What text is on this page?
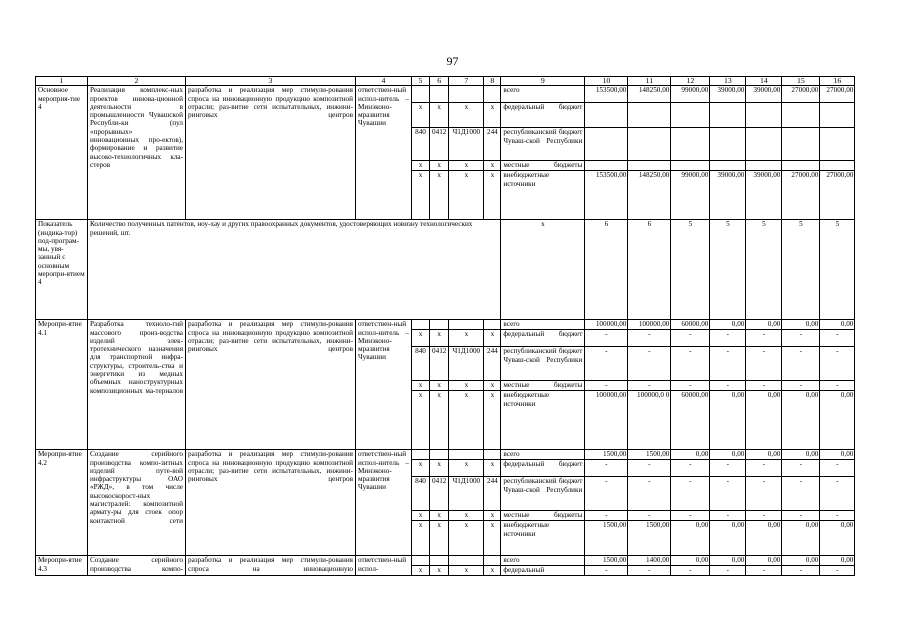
97
1	2	3	4	5	6	7	8	9	10	11	12	13	14	15	16
Основное мероприя-тие 4	Реализация комплекс-ных проектов иннова-ционной деятельности в промышленности Чувашской Республи-ки (пул «прорывных» инновационных про-ектов), формирование и развитие высоко-технологичных кла-стеров	разработка и реализация мер стимули-рования спроса на инновационную продукцию композитной отрасли; раз-витие сети испытательных, инжини-ринговых центров	ответствен-ный испол-нитель – Минэконо-мразвития Чувашии					всего	153500,00	148250,00	99000,00	39000,00	39000,00	27000,00	27000,00
				x	x	x	x	федеральный бюджет							
				840	0412	Ч1Д1000	244	республиканский бюджет Чуваш-ской Республики							
				x	x	x	x	местные бюджеты							
				x	x	x	x	внебюджетные источники	153500,00	148250,00	99000,00	39000,00	39000,00	27000,00	27000,00
Показатель (индика-тор) под-програм-мы, увя-занный с основным меропри-ятием 4	Количество полученных патентов, ноу-хау и других правоохранных документов, удостоверяющих новизну технологических решений, шт.							x	6	6	5	5	5	5	5
Меропри-ятие 4.1	Разработка техноло-гий массового произ-водства изделий элек-тротехнического назначения для транспортной инфра-структуры, строитель-ства и энергетики из медных объемных наноструктурных композиционных ма-териалов	разработка и реализация мер стимули-рования спроса на инновационную продукцию композитной отрасли; раз-витие сети испытательных, инжини-ринговых центров	ответствен-ный испол-нитель – Минэконо-мразвития Чувашии					всего	100000,00	100000,00	60000,00	0,00	0,00	0,00	0,00
				x	x	x	x	федеральный бюджет	-	-	-	-	-	-	-
				840	0412	Ч1Д1000	244	республиканский бюджет Чуваш-ской Республики	-	-	-	-	-	-	-
				x	x	x	x	местные бюджеты	-	-	-	-	-	-	-
				x	x	x	x	внебюджетные источники	100000,00	100000,0 0	60000,00	0,00	0,00	0,00	0,00
Меропри-ятие 4.2	Создание серийного производства компо-зитных изделий путе-вой инфраструктуры ОАО «РЖД», в том числе высокоскорост-ных магистралей: композитной армату-ры для стоек опор контактной сети	разработка и реализация мер стимули-рования спроса на инновационную продукцию композитной отрасли; раз-витие сети испытательных, инжини-ринговых центров	ответствен-ный испол-нитель – Минэконо-мразвития Чувашии					всего	1500,00	1500,00	0,00	0,00	0,00	0,00	0,00
				x	x	x	x	федеральный бюджет	-	-	-	-	-	-	-
				840	0412	Ч1Д1000	244	республиканский бюджет Чуваш-ской Республики	-	-	-	-	-	-	-
				x	x	x	x	местные бюджеты	-	-	-	-	-	-	-
				x	x	x	x	внебюджетные источники	1500,00	1500,00	0,00	0,00	0,00	0,00	0,00
Меропри-ятие 4.3	Создание серийного производства компо-	разработка и реализация мер стимули-рования спроса на инновационную	ответствен-ный испол-					всего	1500,00	1400,00	0,00	0,00	0,00	0,00	0,00
				x	x	x	x	федеральный	-	-	-	-	-	-	-
